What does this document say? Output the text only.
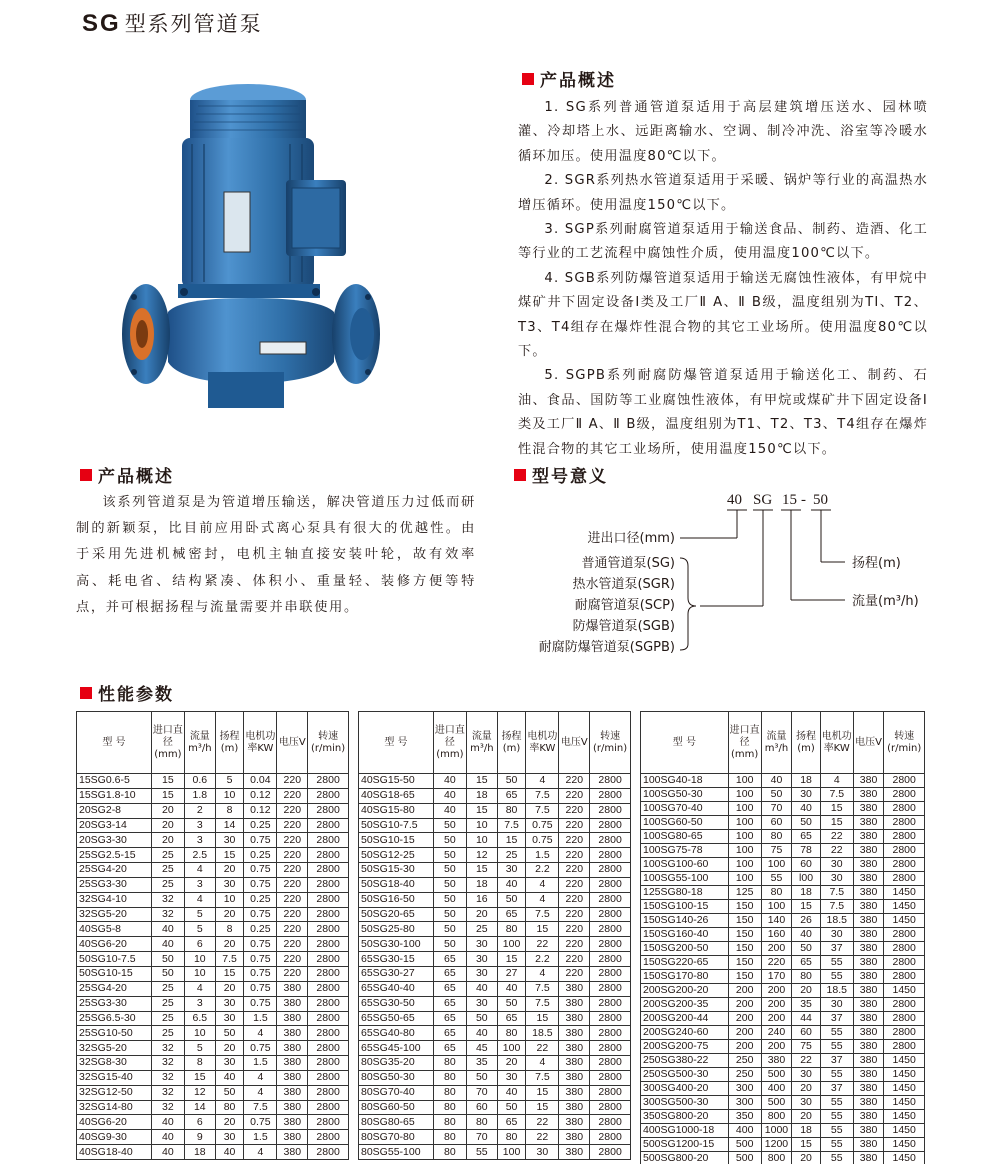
SG 型系列管道泵
产品概述

1. SG系列普通管道泵适用于高层建筑增压送水、园林喷灌、冷却塔上水、远距离输水、空调、制冷冲洗、浴室等冷暖水循环加压。使用温度80℃以下。

2. SGR系列热水管道泵适用于采暖、锅炉等行业的高温热水增压循环。使用温度150℃以下。

3. SGP系列耐腐管道泵适用于输送食品、制药、造酒、化工等行业的工艺流程中腐蚀性介质，使用温度100℃以下。

4. SGB系列防爆管道泵适用于输送无腐蚀性液体，有甲烷中煤矿井下固定设备I类及工厂Ⅱ A、Ⅱ B级，温度组别为TI、T2、T3、T4组存在爆炸性混合物的其它工业场所。使用温度80℃以下。

5. SGPB系列耐腐防爆管道泵适用于输送化工、制药、石油、食品、国防等工业腐蚀性液体，有甲烷或煤矿井下固定设备I类及工厂Ⅱ A、Ⅱ B级，温度组别为T1、T2、T3、T4组存在爆炸性混合物的其它工业场所，使用温度150℃以下。

产品概述
该系列管道泵是为管道增压输送，解决管道压力过低而研制的新颖泵，比目前应用卧式离心泵具有很大的优越性。由于采用先进机械密封，电机主轴直接安装叶轮，故有效率高、耗电省、结构紧凑、体积小、重量轻、装修方便等特点，并可根据扬程与流量需要并串联使用。
型号意义
40 SG 15 - 50
进出口径(mm)
普通管道泵(SG)
热水管道泵(SGR)
耐腐管道泵(SCP)
防爆管道泵(SGB)
耐腐防爆管道泵(SGPB)
扬程(m)
流量(m³/h)
性能参数
型 号	进口直径(mm)	流量m³/h	扬程(m)	电机功率KW	电压V	转速(r/min)
15SG0.6-5	15	0.6	5	0.04	220	2800
15SG1.8-10	15	1.8	10	0.12	220	2800
20SG2-8	20	2	8	0.12	220	2800
20SG3-14	20	3	14	0.25	220	2800
20SG3-30	20	3	30	0.75	220	2800
25SG2.5-15	25	2.5	15	0.25	220	2800
25SG4-20	25	4	20	0.75	220	2800
25SG3-30	25	3	30	0.75	220	2800
32SG4-10	32	4	10	0.25	220	2800
32SG5-20	32	5	20	0.75	220	2800
40SG5-8	40	5	8	0.25	220	2800
40SG6-20	40	6	20	0.75	220	2800
50SG10-7.5	50	10	7.5	0.75	220	2800
50SG10-15	50	10	15	0.75	220	2800
25SG4-20	25	4	20	0.75	380	2800
25SG3-30	25	3	30	0.75	380	2800
25SG6.5-30	25	6.5	30	1.5	380	2800
25SG10-50	25	10	50	4	380	2800
32SG5-20	32	5	20	0.75	380	2800
32SG8-30	32	8	30	1.5	380	2800
32SG15-40	32	15	40	4	380	2800
32SG12-50	32	12	50	4	380	2800
32SG14-80	32	14	80	7.5	380	2800
40SG6-20	40	6	20	0.75	380	2800
40SG9-30	40	9	30	1.5	380	2800
40SG18-40	40	18	40	4	380	2800
型 号	进口直径(mm)	流量m³/h	扬程(m)	电机功率KW	电压V	转速(r/min)
40SG15-50	40	15	50	4	220	2800
40SG18-65	40	18	65	7.5	220	2800
40SG15-80	40	15	80	7.5	220	2800
50SG10-7.5	50	10	7.5	0.75	220	2800
50SG10-15	50	10	15	0.75	220	2800
50SG12-25	50	12	25	1.5	220	2800
50SG15-30	50	15	30	2.2	220	2800
50SG18-40	50	18	40	4	220	2800
50SG16-50	50	16	50	4	220	2800
50SG20-65	50	20	65	7.5	220	2800
50SG25-80	50	25	80	15	220	2800
50SG30-100	50	30	100	22	220	2800
65SG30-15	65	30	15	2.2	220	2800
65SG30-27	65	30	27	4	220	2800
65SG40-40	65	40	40	7.5	380	2800
65SG30-50	65	30	50	7.5	380	2800
65SG50-65	65	50	65	15	380	2800
65SG40-80	65	40	80	18.5	380	2800
65SG45-100	65	45	100	22	380	2800
80SG35-20	80	35	20	4	380	2800
80SG50-30	80	50	30	7.5	380	2800
80SG70-40	80	70	40	15	380	2800
80SG60-50	80	60	50	15	380	2800
80SG80-65	80	80	65	22	380	2800
80SG70-80	80	70	80	22	380	2800
80SG55-100	80	55	100	30	380	2800
型 号	进口直径(mm)	流量m³/h	扬程(m)	电机功率KW	电压V	转速(r/min)
100SG40-18	100	40	18	4	380	2800
100SG50-30	100	50	30	7.5	380	2800
100SG70-40	100	70	40	15	380	2800
100SG60-50	100	60	50	15	380	2800
100SG80-65	100	80	65	22	380	2800
100SG75-78	100	75	78	22	380	2800
100SG100-60	100	100	60	30	380	2800
100SG55-100	100	55	l00	30	380	2800
125SG80-18	125	80	18	7.5	380	1450
150SG100-15	150	100	15	7.5	380	1450
150SG140-26	150	140	26	18.5	380	1450
150SG160-40	150	160	40	30	380	2800
150SG200-50	150	200	50	37	380	2800
150SG220-65	150	220	65	55	380	2800
150SG170-80	150	170	80	55	380	2800
200SG200-20	200	200	20	18.5	380	1450
200SG200-35	200	200	35	30	380	2800
200SG200-44	200	200	44	37	380	2800
200SG240-60	200	240	60	55	380	2800
200SG200-75	200	200	75	55	380	2800
250SG380-22	250	380	22	37	380	1450
250SG500-30	250	500	30	55	380	1450
300SG400-20	300	400	20	37	380	1450
300SG500-30	300	500	30	55	380	1450
350SG800-20	350	800	20	55	380	1450
400SG1000-18	400	1000	18	55	380	1450
500SG1200-15	500	1200	15	55	380	1450
500SG800-20	500	800	20	55	380	1450
